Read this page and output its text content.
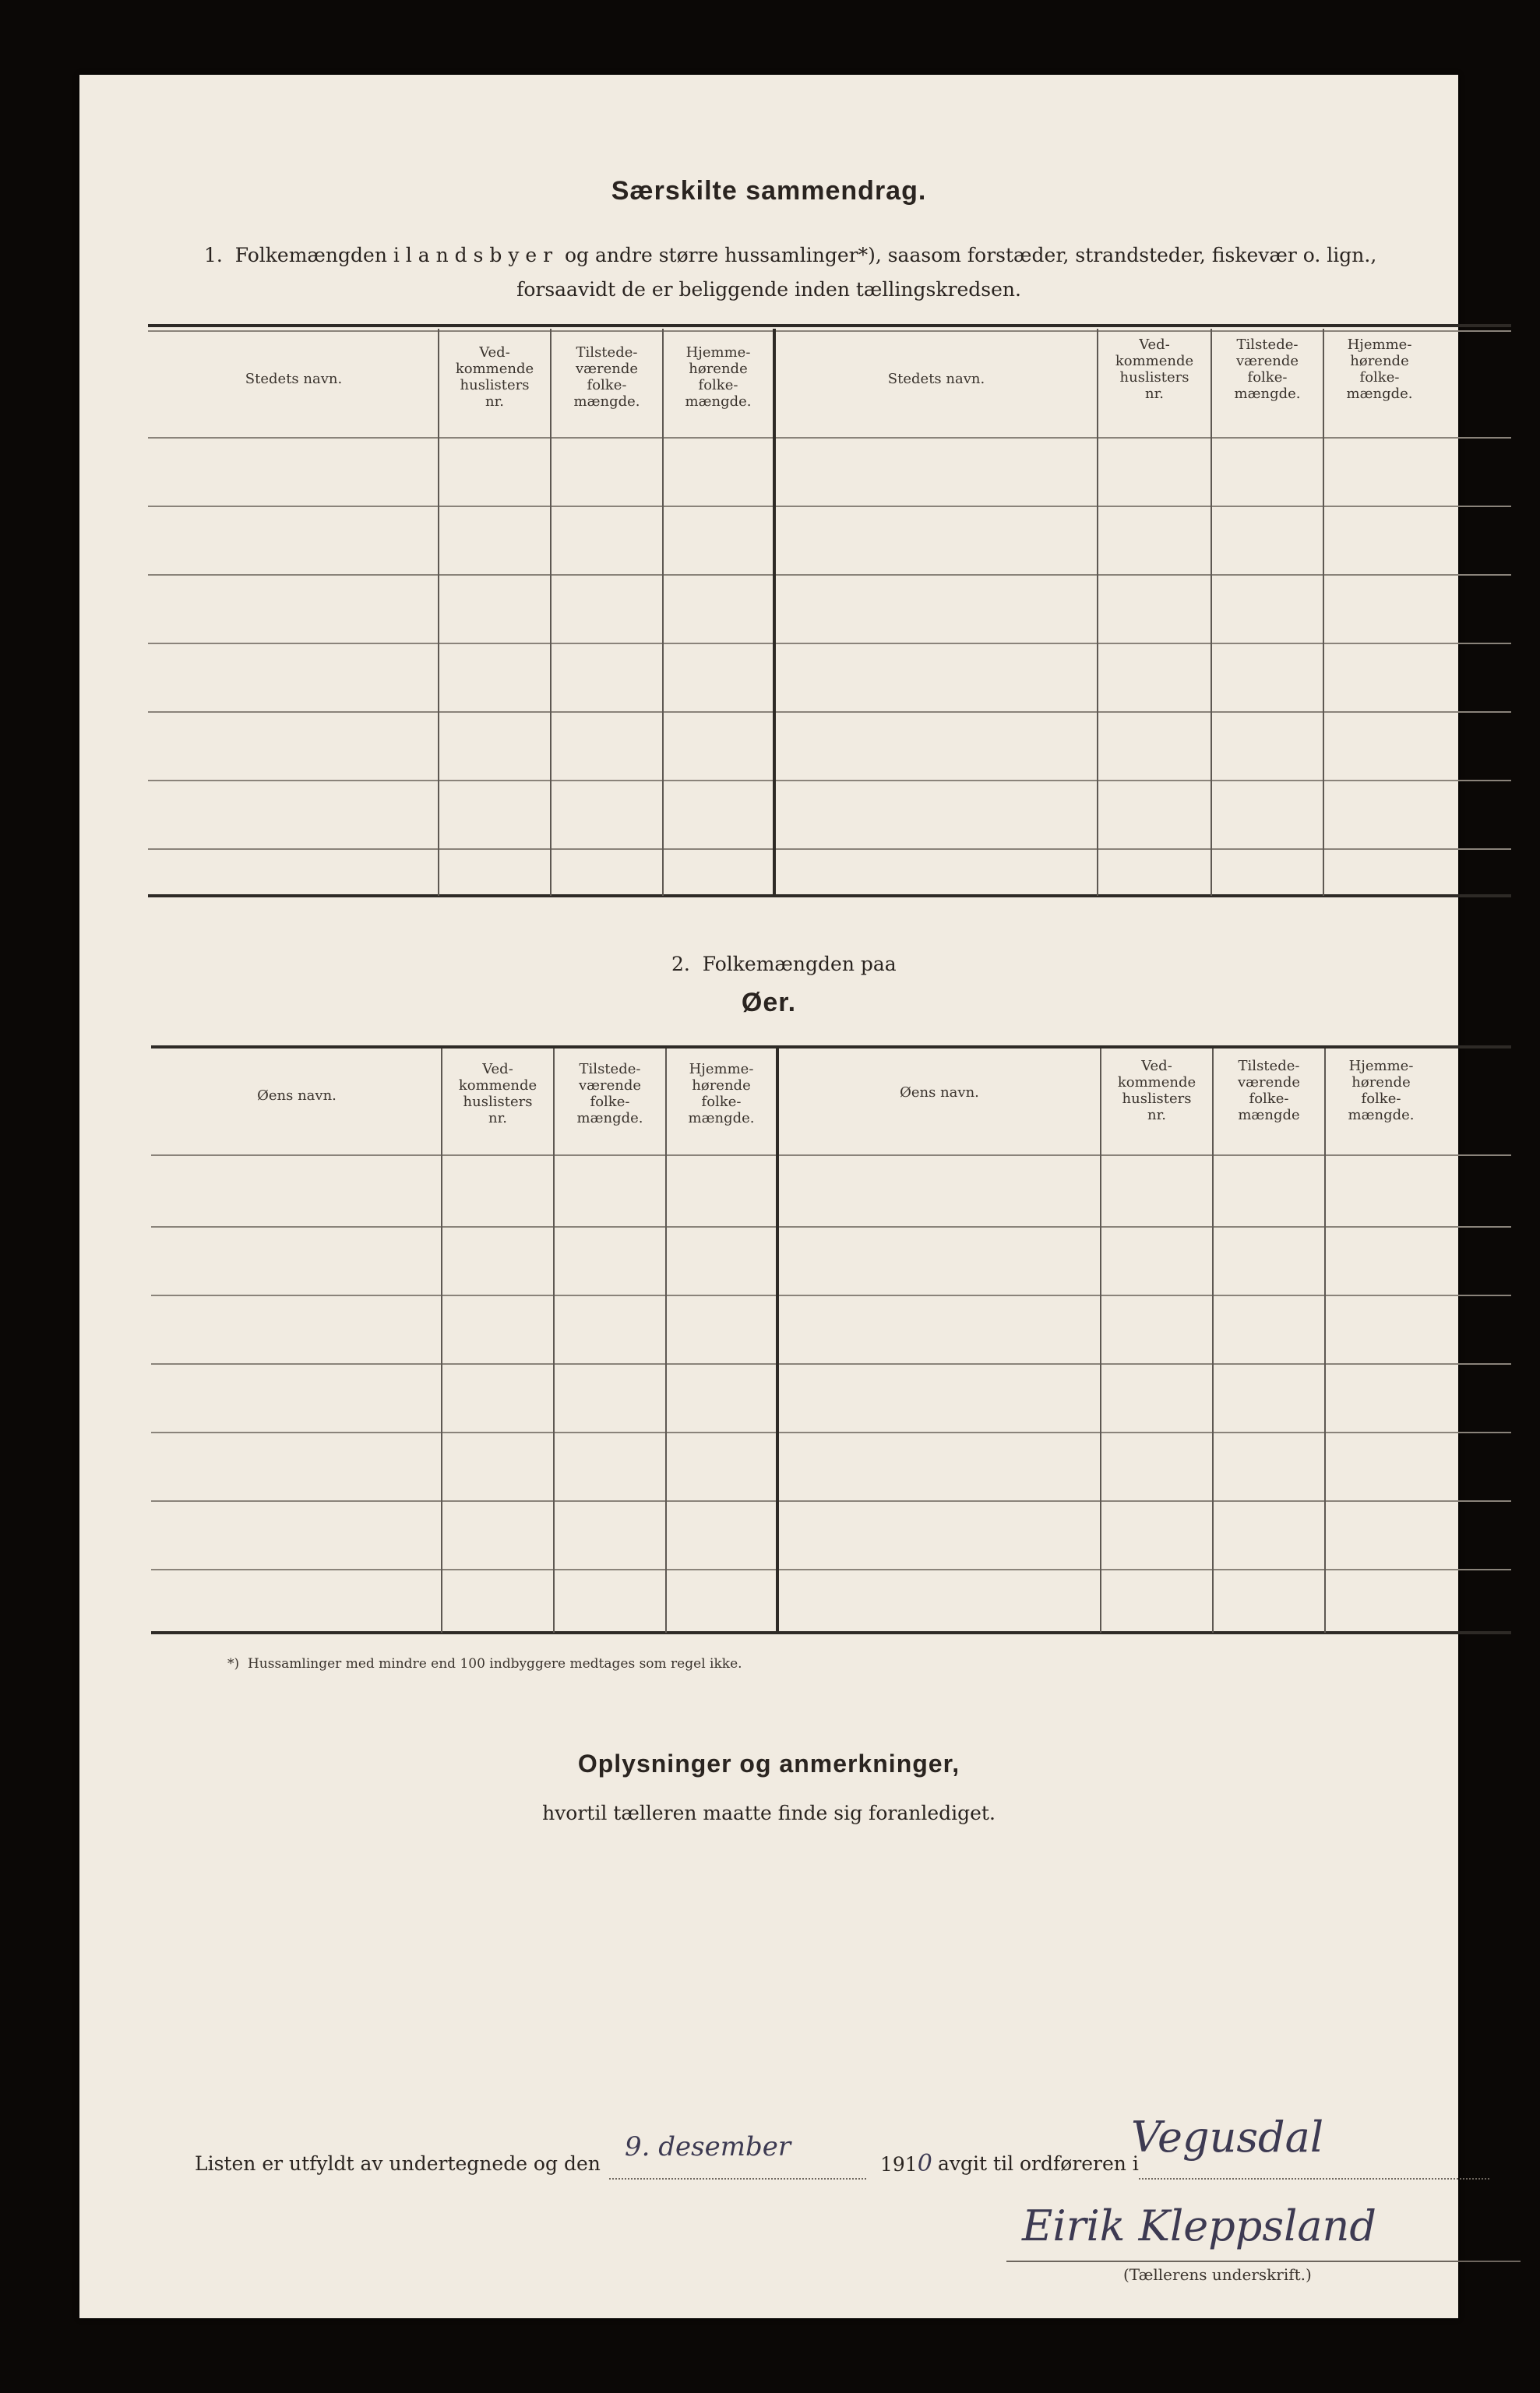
Særskilte sammendrag.
1.  Folkemængden i l a n d s b y e r  og andre større hussamlinger*), saasom forstæder, strandsteder, fiskevær o. lign.,
forsaavidt de er beliggende inden tællingskredsen.
Stedets navn.
Ved-
kommende
huslisters
nr.
Tilstede-
værende
folke-
mængde.
Hjemme-
hørende
folke-
mængde.
Stedets navn.
Ved-
kommende
huslisters
nr.
Tilstede-
værende
folke-
mængde.
Hjemme-
hørende
folke-
mængde.
2.  Folkemængden paa
Øer.
Øens navn.
Ved-
kommende
huslisters
nr.
Tilstede-
værende
folke-
mængde.
Hjemme-
hørende
folke-
mængde.
Øens navn.
Ved-
kommende
huslisters
nr.
Tilstede-
værende
folke-
mængde
Hjemme-
hørende
folke-
mængde.
*)  Hussamlinger med mindre end 100 indbyggere medtages som regel ikke.
Oplysninger og anmerkninger,
hvortil tælleren maatte finde sig foranlediget.
Listen er utfyldt av undertegnede og den
9. desember
1910 avgit til ordføreren i
Vegusdal
Eirik Kleppsland
(Tællerens underskrift.)
